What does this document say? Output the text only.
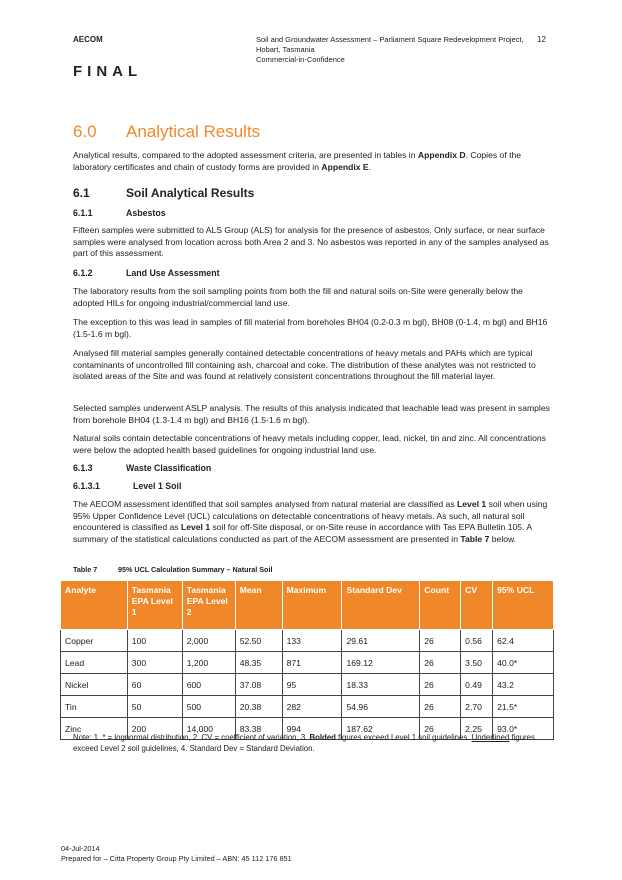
AECOM	Soil and Groundwater Assessment – Parliament Square Redevelopment Project,
Hobart, Tasmania
Commercial-in-Confidence
12
FINAL
6.0	Analytical Results

Analytical results, compared to the adopted assessment criteria, are presented in tables in Appendix D. Copies of the laboratory certificates and chain of custody forms are provided in Appendix E.

6.1	Soil Analytical Results
6.1.1	Asbestos

Fifteen samples were submitted to ALS Group (ALS) for analysis for the presence of asbestos. Only surface, or near surface samples were analysed from location across both Area 2 and 3. No asbestos was reported in any of the samples analysed as part of this assessment.

6.1.2	Land Use Assessment

The laboratory results from the soil sampling points from both the fill and natural soils on-Site were generally below the adopted HILs for ongoing industrial/commercial land use.

The exception to this was lead in samples of fill material from boreholes BH04 (0.2-0.3 m bgl), BH08 (0-1.4, m bgl) and BH16 (1.5-1.6 m bgl).

Analysed fill material samples generally contained detectable concentrations of heavy metals and PAHs which are typical contaminants of uncontrolled fill containing ash, charcoal and coke. The distribution of these analytes was not restricted to isolated areas of the Site and was found at relatively consistent concentrations throughout the fill material layer.

Selected samples underwent ASLP analysis. The results of this analysis indicated that leachable lead was present in samples from borehole BH04 (1.3-1.4 m bgl) and BH16 (1.5-1.6 m bgl).

Natural soils contain detectable concentrations of heavy metals including copper, lead, nickel, tin and zinc. All concentrations were below the adopted health based guidelines for ongoing industrial land use.

6.1.3	Waste Classification
6.1.3.1	Level 1 Soil

The AECOM assessment identified that soil samples analysed from natural material are classified as Level 1 soil when using 95% Upper Confidence Level (UCL) calculations on detectable concentrations of heavy metals. As such, all natural soil encountered is classified as Level 1 soil for off-Site disposal, or on-Site reuse in accordance with Tas EPA Bulletin 105. A summary of the statistical calculations conducted as part of the AECOM assessment are presented in Table 7 below.

Table 7	95% UCL Calculation Summary – Natural Soil
Analyte	Tasmania EPA Level 1	Tasmania EPA Level 2	Mean	Maximum	Standard Dev	Count	CV	95% UCL
Copper	100	2,000	52.50	133	29.61	26	0.56	62.4
Lead	300	1,200	48.35	871	169.12	26	3.50	40.0*
Nickel	60	600	37.08	95	18.33	26	0.49	43.2
Tin	50	500	20.38	282	54.96	26	2.70	21.5*
Zinc	200	14,000	83.38	994	187.62	26	2.25	93.0*

Note: 1. * = lognormal distribution, 2. CV = coefficient of variation, 3. Bolded figures exceed Level 1 soil guidelines. Underlined figures exceed Level 2 soil guidelines, 4. Standard Dev = Standard Deviation.

04-Jul-2014
Prepared for – Citta Property Group Pty Limited – ABN: 45 112 176 851
